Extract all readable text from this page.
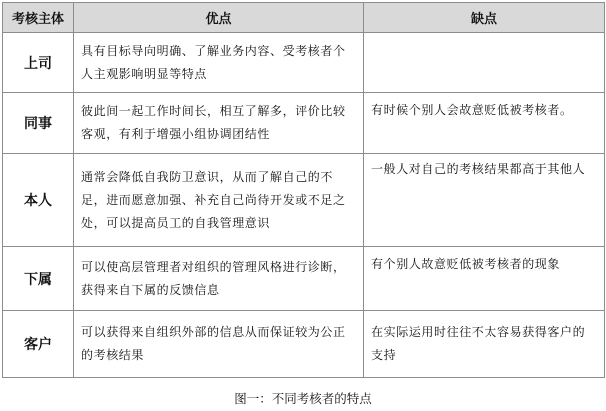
考核主体	优点	缺点
上司	具有目标导向明确、了解业务内容、受考核者个人主观影响明显等特点	
同事	彼此间一起工作时间长，相互了解多，评价比较客观，有利于增强小组协调团结性	有时候个别人会故意贬低被考核者。
本人	通常会降低自我防卫意识，从而了解自己的不足，进而愿意加强、补充自己尚待开发或不足之处，可以提高员工的自我管理意识	一般人对自己的考核结果都高于其他人
下属	可以使高层管理者对组织的管理风格进行诊断，获得来自下属的反馈信息	有个别人故意贬低被考核者的现象
客户	可以获得来自组织外部的信息从而保证较为公正的考核结果	在实际运用时往往不太容易获得客户的支持
图一：不同考核者的特点
